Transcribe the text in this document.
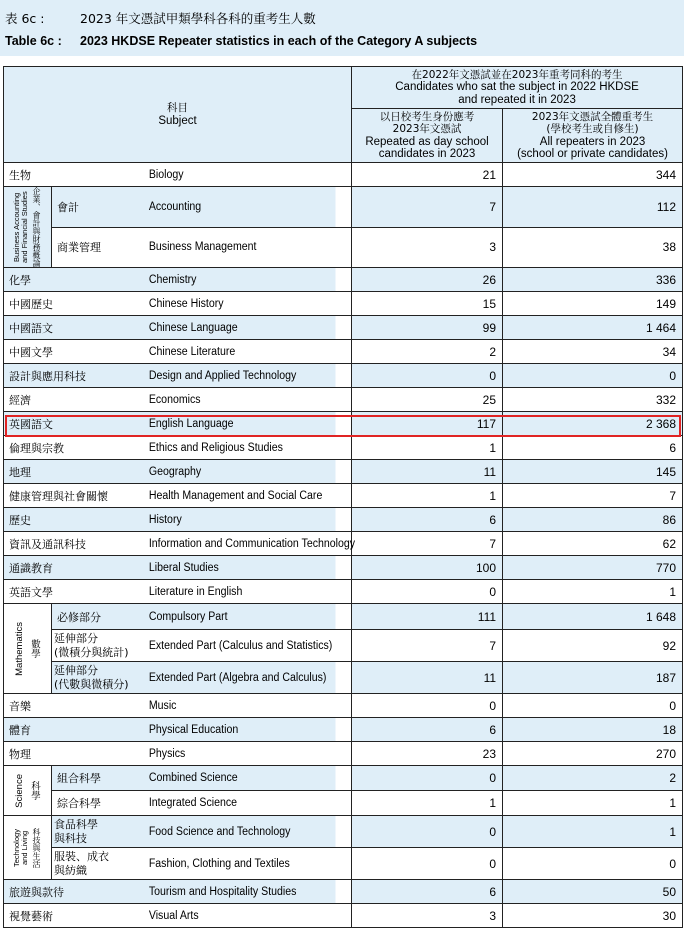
表 6c :	2023 年文憑試甲類學科各科的重考生人數
Table 6c : 2023 HKDSE Repeater statistics in each of the Category A subjects
科目
Subject			在2022年文憑試並在2023年重考同科的考生
Candidates who sat the subject in 2022 HKDSE
and repeated it in 2023	
			以日校考生身份應考
2023年文憑試
Repeated as day school
candidates in 2023	2023年文憑試全體重考生
(學校考生或自修生)
All repeaters in 2023
(school or private candidates)
生物		Biology	21	344

企業、會計與財務概論
Business Accounting and Financial Studies	會計	Accounting	7	112
	商業管理	Business Management	3	38
化學		Chemistry	26	336
中國歷史		Chinese History	15	149
中國語文		Chinese Language	99	1 464
中國文學		Chinese Literature	2	34
設計與應用科技		Design and Applied Technology	0	0
經濟		Economics	25	332
英國語文		English Language	117	2 368
倫理與宗教		Ethics and Religious Studies	1	6
地理		Geography	11	145
健康管理與社會關懷		Health Management and Social Care	1	7
歷史		History	6	86
資訊及通訊科技		Information and Communication Technology	7	62
通識教育		Liberal Studies	100	770
英語文學		Literature in English	0	1

數學
Mathematics	必修部分	Compulsory Part	111	1 648
	延伸部分
(微積分與統計)	Extended Part (Calculus and Statistics)	7	92
	延伸部分
(代數與微積分)	Extended Part (Algebra and Calculus)	11	187
音樂		Music	0	0
體育		Physical Education	6	18
物理		Physics	23	270

科學
Science	組合科學	Combined Science	0	2
	綜合科學	Integrated Science	1	1

科技與生活
Technology and Living	食品科學
與科技	Food Science and Technology	0	1
	服裝、成衣
與紡織	Fashion, Clothing and Textiles	0	0
旅遊與款待		Tourism and Hospitality Studies	6	50
視覺藝術		Visual Arts	3	30
